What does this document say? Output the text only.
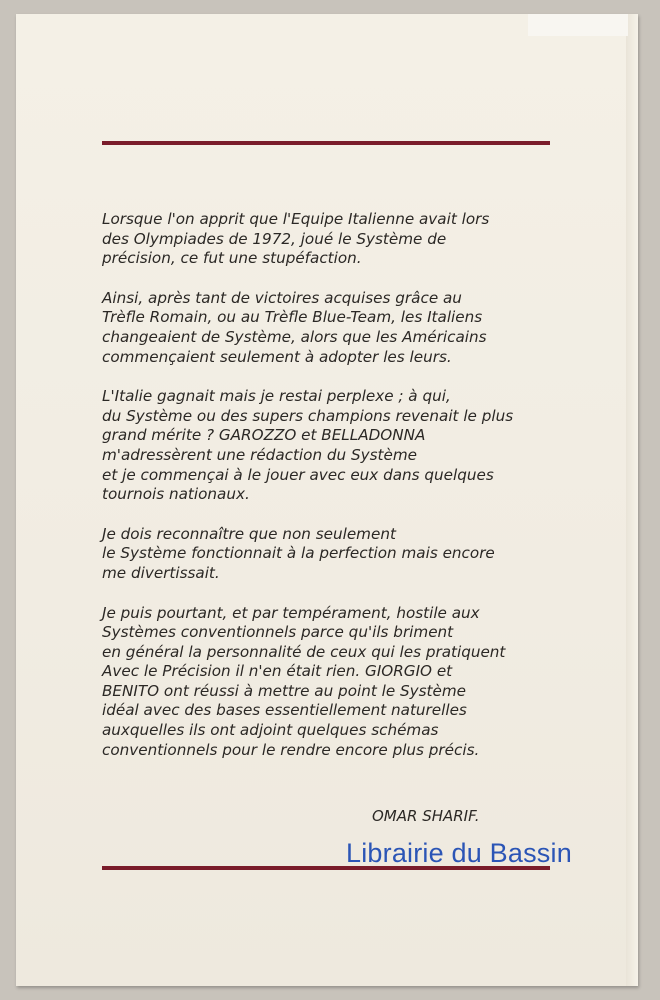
Lorsque l'on apprit que l'Equipe Italienne avait lors
des Olympiades de 1972, joué le Système de
précision, ce fut une stupéfaction.

Ainsi, après tant de victoires acquises grâce au
Trèfle Romain, ou au Trèfle Blue-Team, les Italiens
changeaient de Système, alors que les Américains
commençaient seulement à adopter les leurs.

L'Italie gagnait mais je restai perplexe ; à qui,
du Système ou des supers champions revenait le plus
grand mérite ? GAROZZO et BELLADONNA
m'adressèrent une rédaction du Système
et je commençai à le jouer avec eux dans quelques
tournois nationaux.

Je dois reconnaître que non seulement
le Système fonctionnait à la perfection mais encore
me divertissait.

Je puis pourtant, et par tempérament, hostile aux
Systèmes conventionnels parce qu'ils briment
en général la personnalité de ceux qui les pratiquent
Avec le Précision il n'en était rien. GIORGIO et
BENITO ont réussi à mettre au point le Système
idéal avec des bases essentiellement naturelles
auxquelles ils ont adjoint quelques schémas
conventionnels pour le rendre encore plus précis.

OMAR SHARIF.
Librairie du Bassin
